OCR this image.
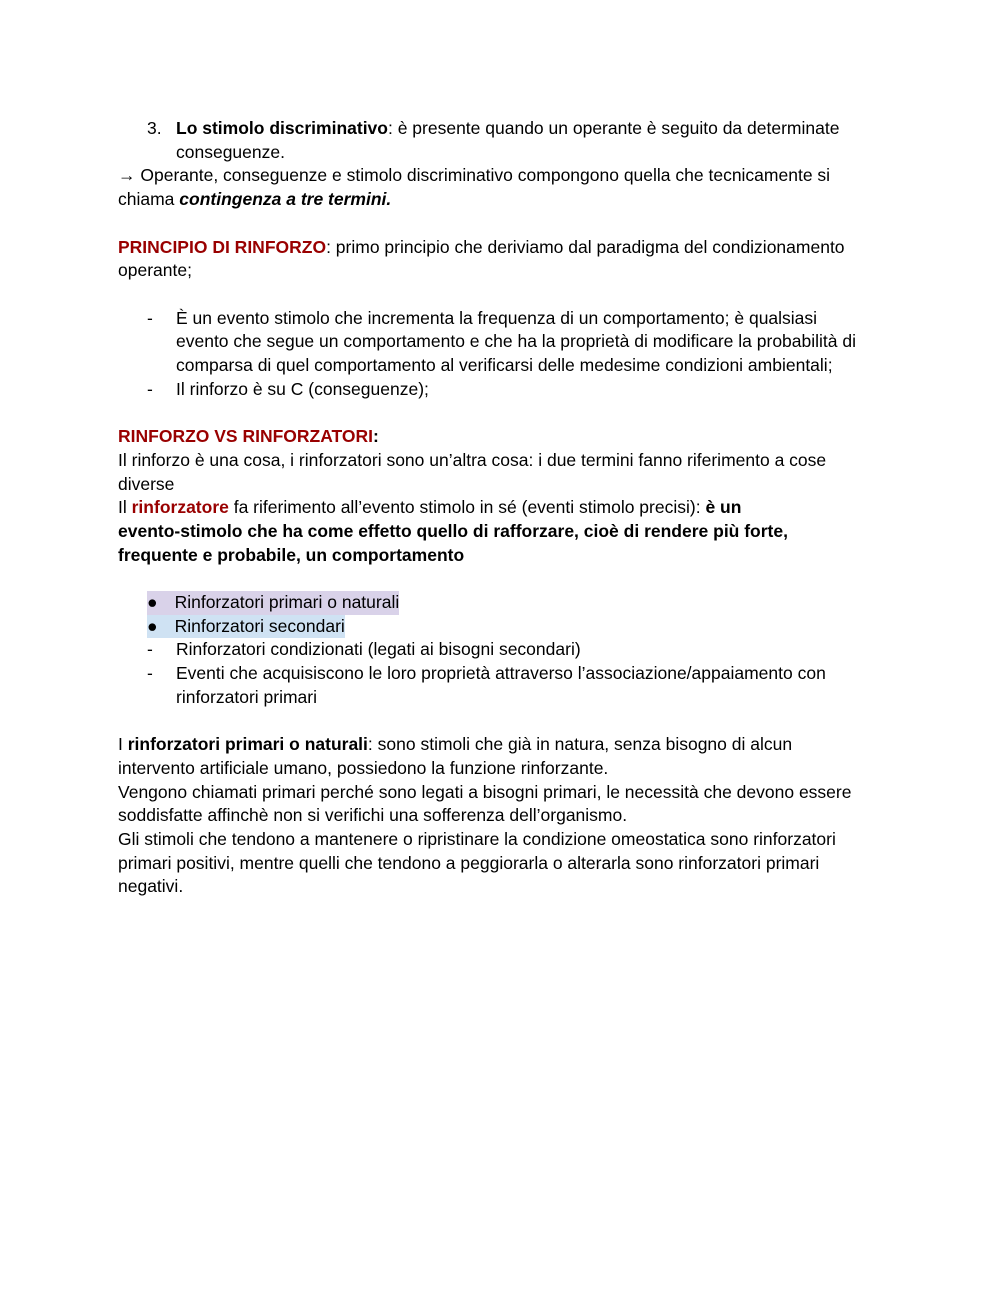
3. Lo stimolo discriminativo: è presente quando un operante è seguito da determinate

conseguenze.

→ Operante, conseguenze e stimolo discriminativo compongono quella che tecnicamente si

chiama contingenza a tre termini.

PRINCIPIO DI RINFORZO: primo principio che deriviamo dal paradigma del condizionamento

operante;

- È un evento stimolo che incrementa la frequenza di un comportamento; è qualsiasi

evento che segue un comportamento e che ha la proprietà di modificare la probabilità di

comparsa di quel comportamento al verificarsi delle medesime condizioni ambientali;

- Il rinforzo è su C (conseguenze);

RINFORZO VS RINFORZATORI:

Il rinforzo è una cosa, i rinforzatori sono un’altra cosa: i due termini fanno riferimento a cose

diverse

Il rinforzatore fa riferimento all’evento stimolo in sé (eventi stimolo precisi): è un

evento-stimolo che ha come effetto quello di rafforzare, cioè di rendere più forte,

frequente e probabile, un comportamento

● Rinforzatori primari o naturali
● Rinforzatori secondari
- Rinforzatori condizionati (legati ai bisogni secondari)

- Eventi che acquisiscono le loro proprietà attraverso l’associazione/appaiamento con

rinforzatori primari

I rinforzatori primari o naturali: sono stimoli che già in natura, senza bisogno di alcun

intervento artificiale umano, possiedono la funzione rinforzante.

Vengono chiamati primari perché sono legati a bisogni primari, le necessità che devono essere

soddisfatte affinchè non si verifichi una sofferenza dell’organismo.

Gli stimoli che tendono a mantenere o ripristinare la condizione omeostatica sono rinforzatori

primari positivi, mentre quelli che tendono a peggiorarla o alterarla sono rinforzatori primari

negativi.
